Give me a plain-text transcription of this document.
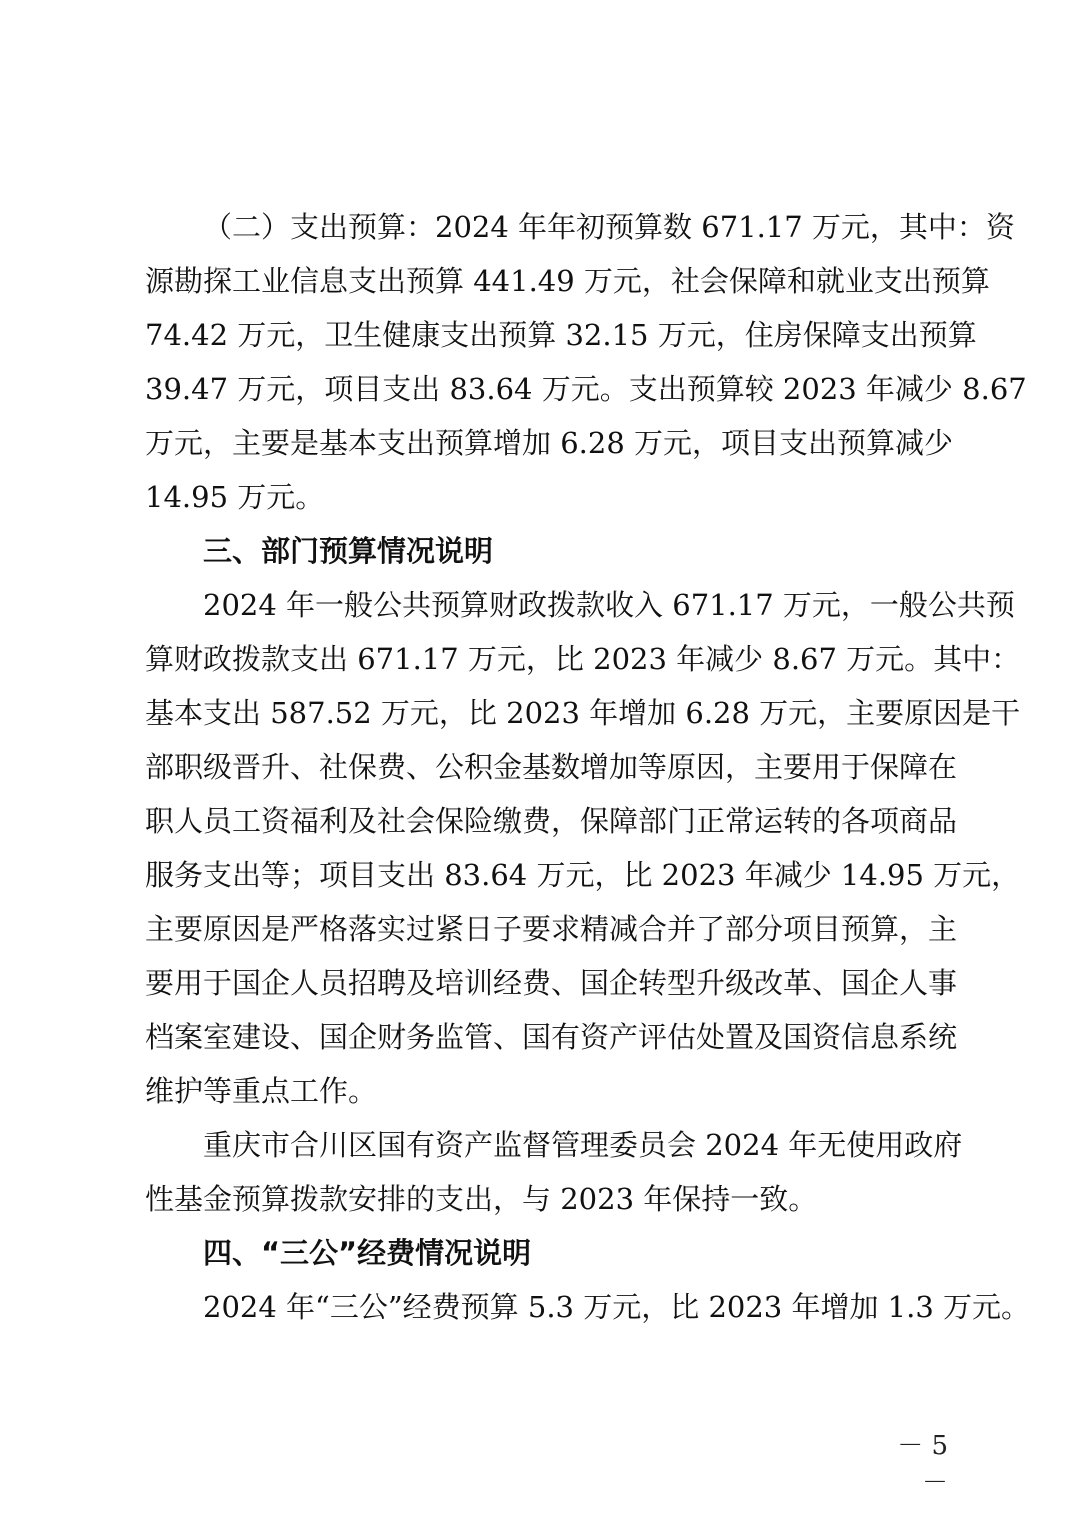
（二）支出预算：2024 年年初预算数 671.17 万元，其中：资
源勘探工业信息支出预算 441.49 万元，社会保障和就业支出预算
74.42 万元，卫生健康支出预算 32.15 万元，住房保障支出预算
39.47 万元，项目支出 83.64 万元。支出预算较 2023 年减少 8.67
万元，主要是基本支出预算增加 6.28 万元，项目支出预算减少
14.95 万元。
三、部门预算情况说明
2024 年一般公共预算财政拨款收入 671.17 万元，一般公共预
算财政拨款支出 671.17 万元，比 2023 年减少 8.67 万元。其中：
基本支出 587.52 万元，比 2023 年增加 6.28 万元，主要原因是干
部职级晋升、社保费、公积金基数增加等原因，主要用于保障在
职人员工资福利及社会保险缴费，保障部门正常运转的各项商品
服务支出等；项目支出 83.64 万元，比 2023 年减少 14.95 万元，
主要原因是严格落实过紧日子要求精减合并了部分项目预算，主
要用于国企人员招聘及培训经费、国企转型升级改革、国企人事
档案室建设、国企财务监管、国有资产评估处置及国资信息系统
维护等重点工作。
重庆市合川区国有资产监督管理委员会 2024 年无使用政府
性基金预算拨款安排的支出，与 2023 年保持一致。
四、“三公”经费情况说明
2024 年“三公”经费预算 5.3 万元，比 2023 年增加 1.3 万元。
－ 5 －
